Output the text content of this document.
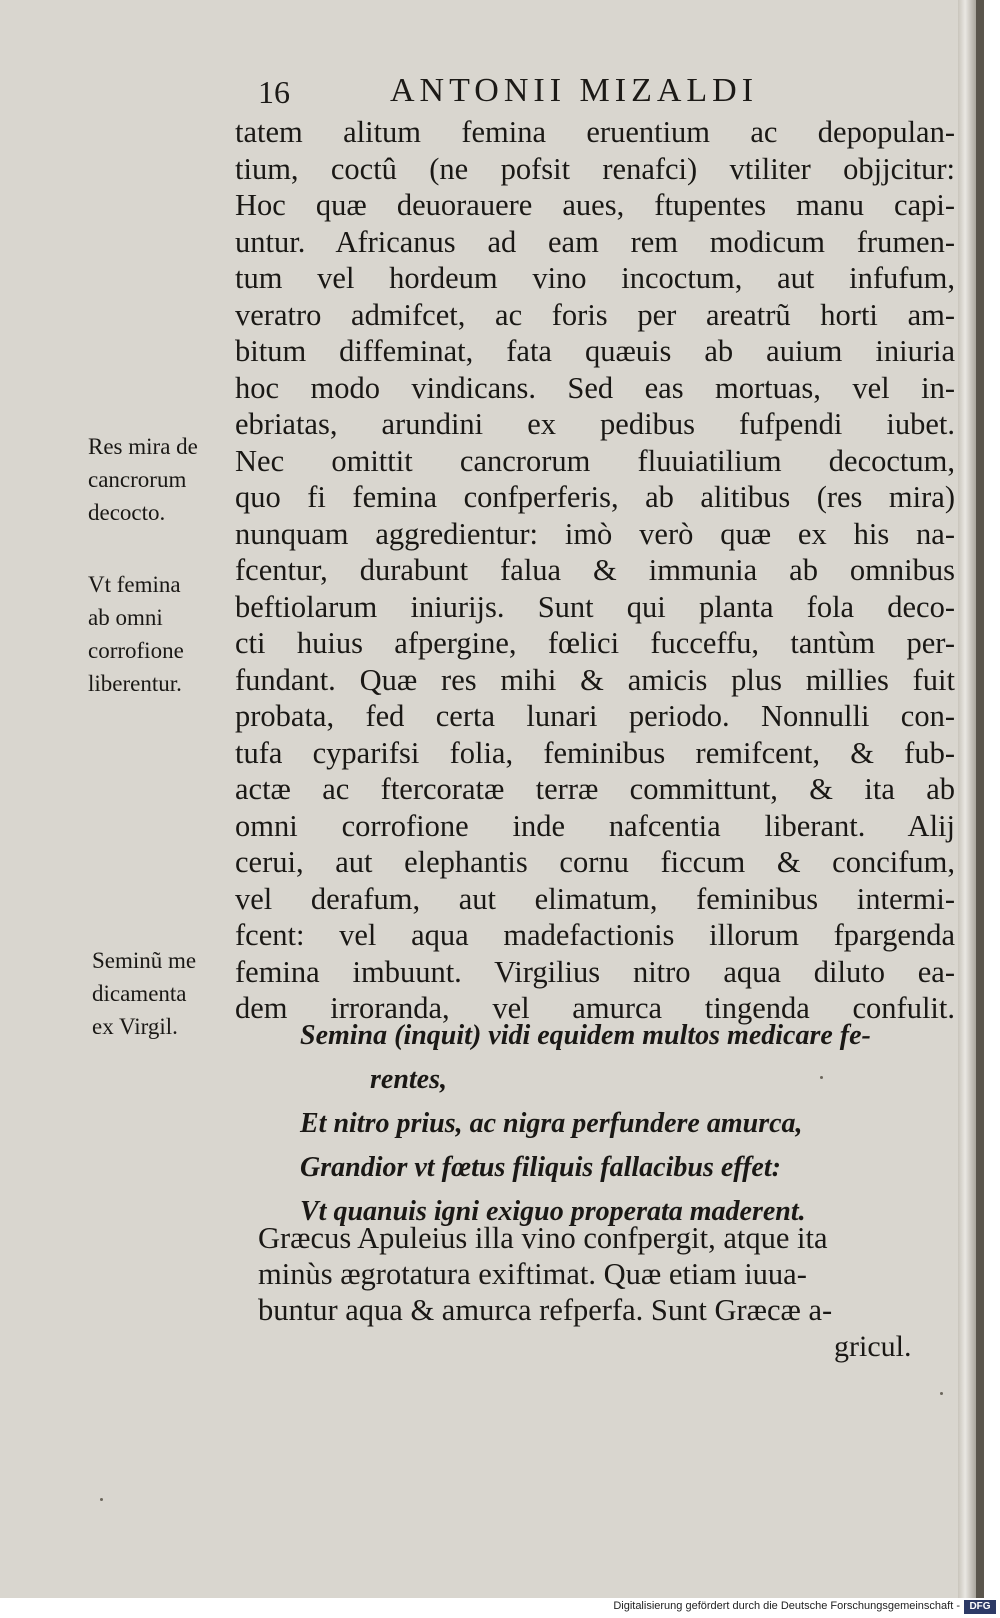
16	ANTONII MIZALDI
tatem alitum femina eruentium ac depopulan-
tium, coctû (ne pofsit renafci) vtiliter objjcitur:
Hoc quæ deuorauere aues, ftupentes manu capi-
untur. Africanus ad eam rem modicum frumen-
tum vel hordeum vino incoctum, aut infufum,
veratro admifcet, ac foris per areatrũ horti am-
bitum diffeminat, fata quæuis ab auium iniuria
hoc modo vindicans. Sed eas mortuas, vel in-
ebriatas, arundini ex pedibus fufpendi iubet.
Nec omittit cancrorum fluuiatilium decoctum,
quo fi femina confperferis, ab alitibus (res mira)
nunquam aggredientur: imò verò quæ ex his na-
fcentur, durabunt falua & immunia ab omnibus
beftiolarum iniurijs. Sunt qui planta fola deco-
cti huius afpergine, fœlici fucceffu, tantùm per-
fundant. Quæ res mihi & amicis plus millies fuit
probata, fed certa lunari periodo. Nonnulli con-
tufa cyparifsi folia, feminibus remifcent, & fub-
actæ ac ftercoratæ terræ committunt, & ita ab
omni corrofione inde nafcentia liberant. Alij
cerui, aut elephantis cornu ficcum & concifum,
vel derafum, aut elimatum, feminibus intermi-
fcent: vel aqua madefactionis illorum fpargenda
femina imbuunt. Virgilius nitro aqua diluto ea-
dem irroranda, vel amurca tingenda confulit.
Res mira de
cancrorum
decocto.
Vt femina
ab omni
corrofione
liberentur.
Seminũ me
dicamenta
ex Virgil.	Semina (inquit) vidi equidem multos medicare fe-
rentes,
Et nitro prius, ac nigra perfundere amurca,
Grandior vt fœtus filiquis fallacibus effet:
Vt quanuis igni exiguo properata maderent.
Græcus Apuleius illa vino confpergit, atque ita
minùs ægrotatura exiftimat. Quæ etiam iuua-
buntur aqua & amurca refperfa. Sunt Græcæ a-
gricul.
Digitalisierung gefördert durch die Deutsche Forschungsgemeinschaft - DFG
